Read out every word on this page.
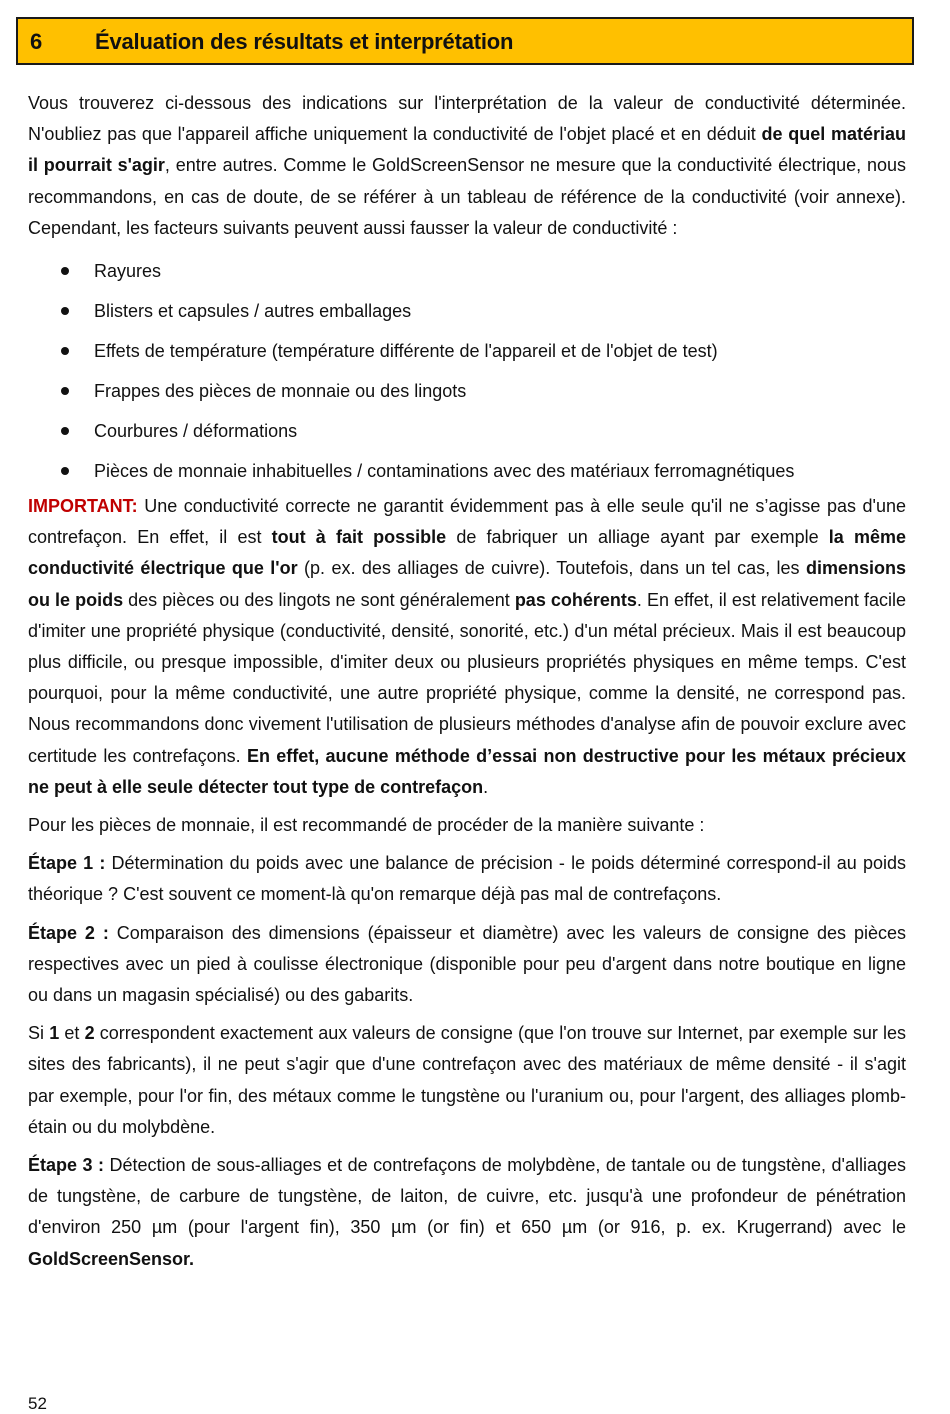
6 Évaluation des résultats et interprétation

Vous trouverez ci-dessous des indications sur l'interprétation de la valeur de conductivité déterminée. N'oubliez pas que l'appareil affiche uniquement la conductivité de l'objet placé et en déduit de quel matériau il pourrait s'agir, entre autres. Comme le GoldScreenSensor ne mesure que la conductivité électrique, nous recommandons, en cas de doute, de se référer à un tableau de référence de la conductivité (voir annexe). Cependant, les facteurs suivants peuvent aussi fausser la valeur de conductivité :

Rayures
Blisters et capsules / autres emballages
Effets de température (température différente de l'appareil et de l'objet de test)
Frappes des pièces de monnaie ou des lingots
Courbures / déformations
Pièces de monnaie inhabituelles / contaminations avec des matériaux ferromagnétiques

IMPORTANT: Une conductivité correcte ne garantit évidemment pas à elle seule qu'il ne s’agisse pas d'une contrefaçon. En effet, il est tout à fait possible de fabriquer un alliage ayant par exemple la même conductivité électrique que l'or (p. ex. des alliages de cuivre). Toutefois, dans un tel cas, les dimensions ou le poids des pièces ou des lingots ne sont généralement pas cohérents. En effet, il est relativement facile d'imiter une propriété physique (conductivité, densité, sonorité, etc.) d'un métal précieux. Mais il est beaucoup plus difficile, ou presque impossible, d'imiter deux ou plusieurs propriétés physiques en même temps. C'est pourquoi, pour la même conductivité, une autre propriété physique, comme la densité, ne correspond pas. Nous recommandons donc vivement l'utilisation de plusieurs méthodes d'analyse afin de pouvoir exclure avec certitude les contrefaçons. En effet, aucune méthode d’essai non destructive pour les métaux précieux ne peut à elle seule détecter tout type de contrefaçon.

Pour les pièces de monnaie, il est recommandé de procéder de la manière suivante :

Étape 1 : Détermination du poids avec une balance de précision - le poids déterminé correspond-il au poids théorique ? C'est souvent ce moment-là qu'on remarque déjà pas mal de contrefaçons.

Étape 2 : Comparaison des dimensions (épaisseur et diamètre) avec les valeurs de consigne des pièces respectives avec un pied à coulisse électronique (disponible pour peu d'argent dans notre boutique en ligne ou dans un magasin spécialisé) ou des gabarits.

Si 1 et 2 correspondent exactement aux valeurs de consigne (que l'on trouve sur Internet, par exemple sur les sites des fabricants), il ne peut s'agir que d'une contrefaçon avec des matériaux de même densité - il s'agit par exemple, pour l'or fin, des métaux comme le tungstène ou l'uranium ou, pour l'argent, des alliages plomb-étain ou du molybdène.

Étape 3 : Détection de sous-alliages et de contrefaçons de molybdène, de tantale ou de tungstène, d'alliages de tungstène, de carbure de tungstène, de laiton, de cuivre, etc. jusqu'à une profondeur de pénétration d'environ 250 µm (pour l'argent fin), 350 µm (or fin) et 650 µm (or 916, p. ex. Krugerrand) avec le GoldScreenSensor.

52
